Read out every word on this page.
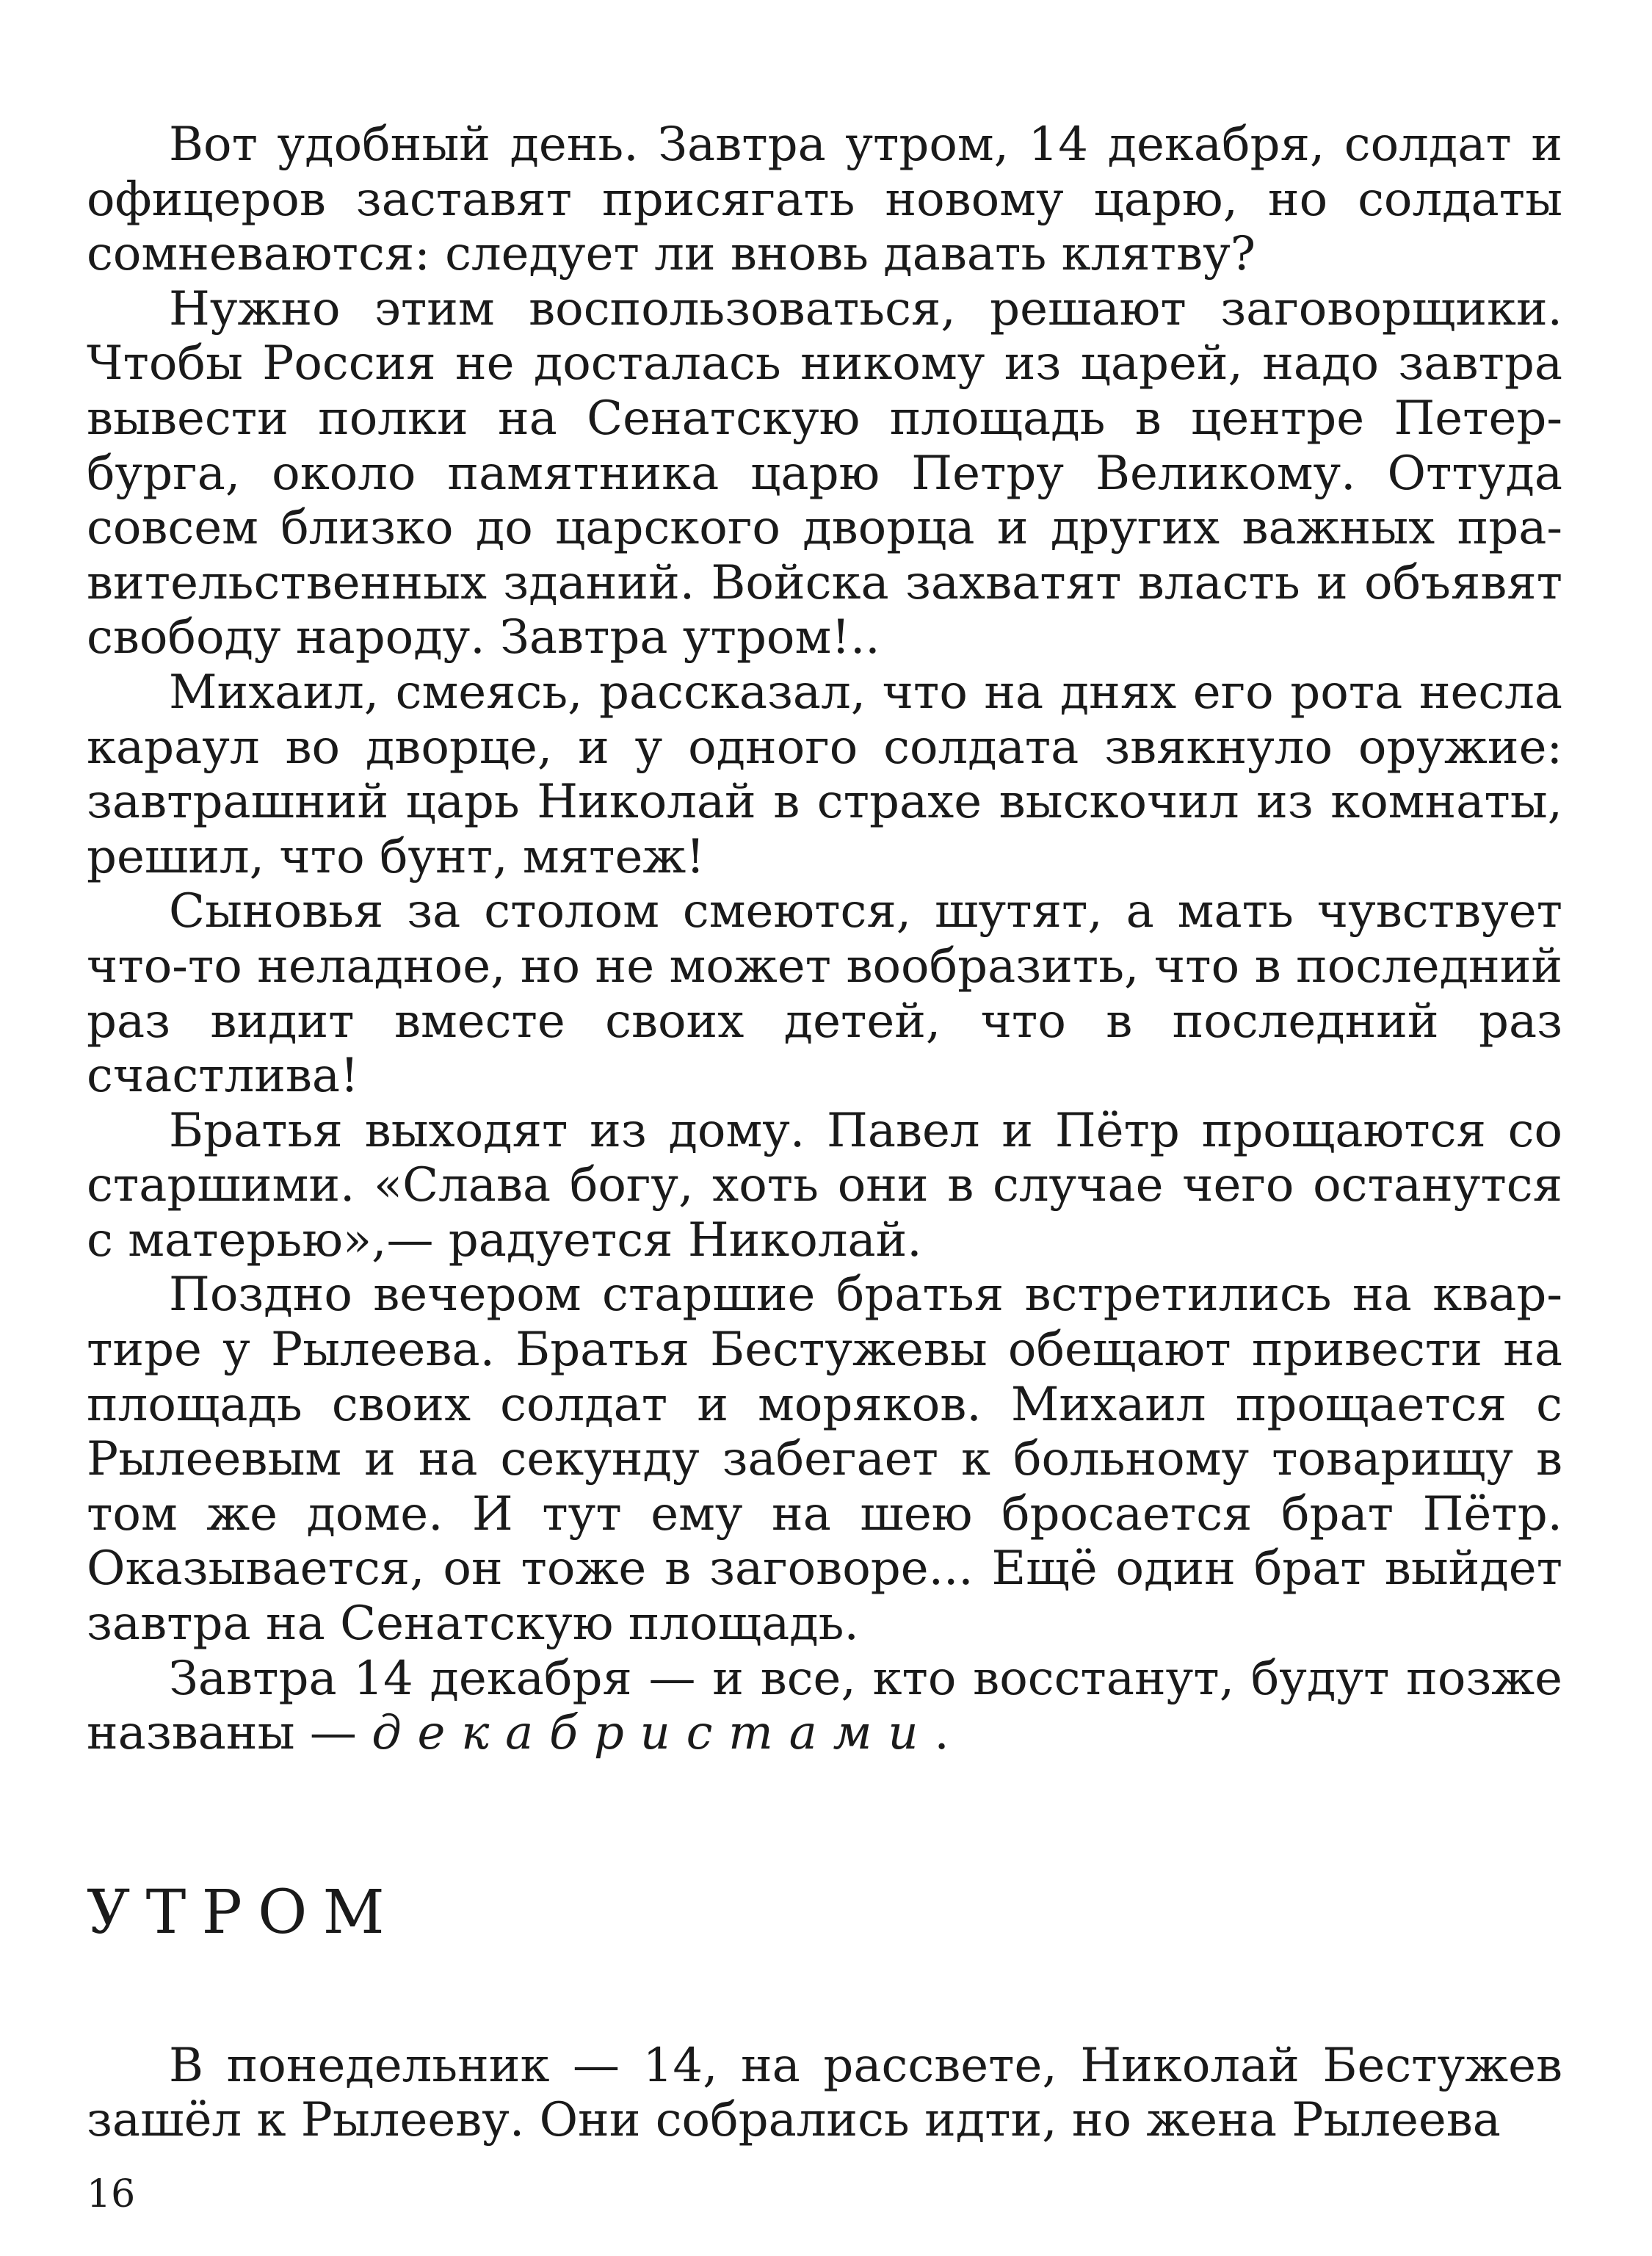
Вот удобный день. Завтра утром, 14 декабря, солдат и офицеров заставят присягать новому царю, но солдаты сомневаются: следует ли вновь давать клятву?

Нужно этим воспользоваться, решают заговорщики. Чтобы Россия не досталась никому из царей, надо завтра вывести полки на Сенатскую площадь в центре Петербурга, около памятника царю Петру Великому. Оттуда совсем близко до царского дворца и других важных правительственных зданий. Войска захватят власть и объявят свободу народу. Завтра утром!..

Михаил, смеясь, рассказал, что на днях его рота несла караул во дворце, и у одного солдата звякнуло оружие: завтрашний царь Николай в страхе выскочил из комнаты, решил, что бунт, мятеж!

Сыновья за столом смеются, шутят, а мать чувствует что-то неладное, но не может вообразить, что в последний раз видит вместе своих детей, что в последний раз счастлива!

Братья выходят из дому. Павел и Пётр прощаются со старшими. «Слава богу, хоть они в случае чего останутся с матерью»,— радуется Николай.

Поздно вечером старшие братья встретились на квартире у Рылеева. Братья Бестужевы обещают привести на площадь своих солдат и моряков. Михаил прощается с Рылеевым и на секунду забегает к больному товарищу в том же доме. И тут ему на шею бросается брат Пётр. Оказывается, он тоже в заговоре... Ещё один брат выйдет завтра на Сенатскую площадь.

Завтра 14 декабря — и все, кто восстанут, будут позже названы — декабристами.

УТРОМ

В понедельник — 14, на рассвете, Николай Бестужев зашёл к Рылееву. Они собрались идти, но жена Рылеева

16
